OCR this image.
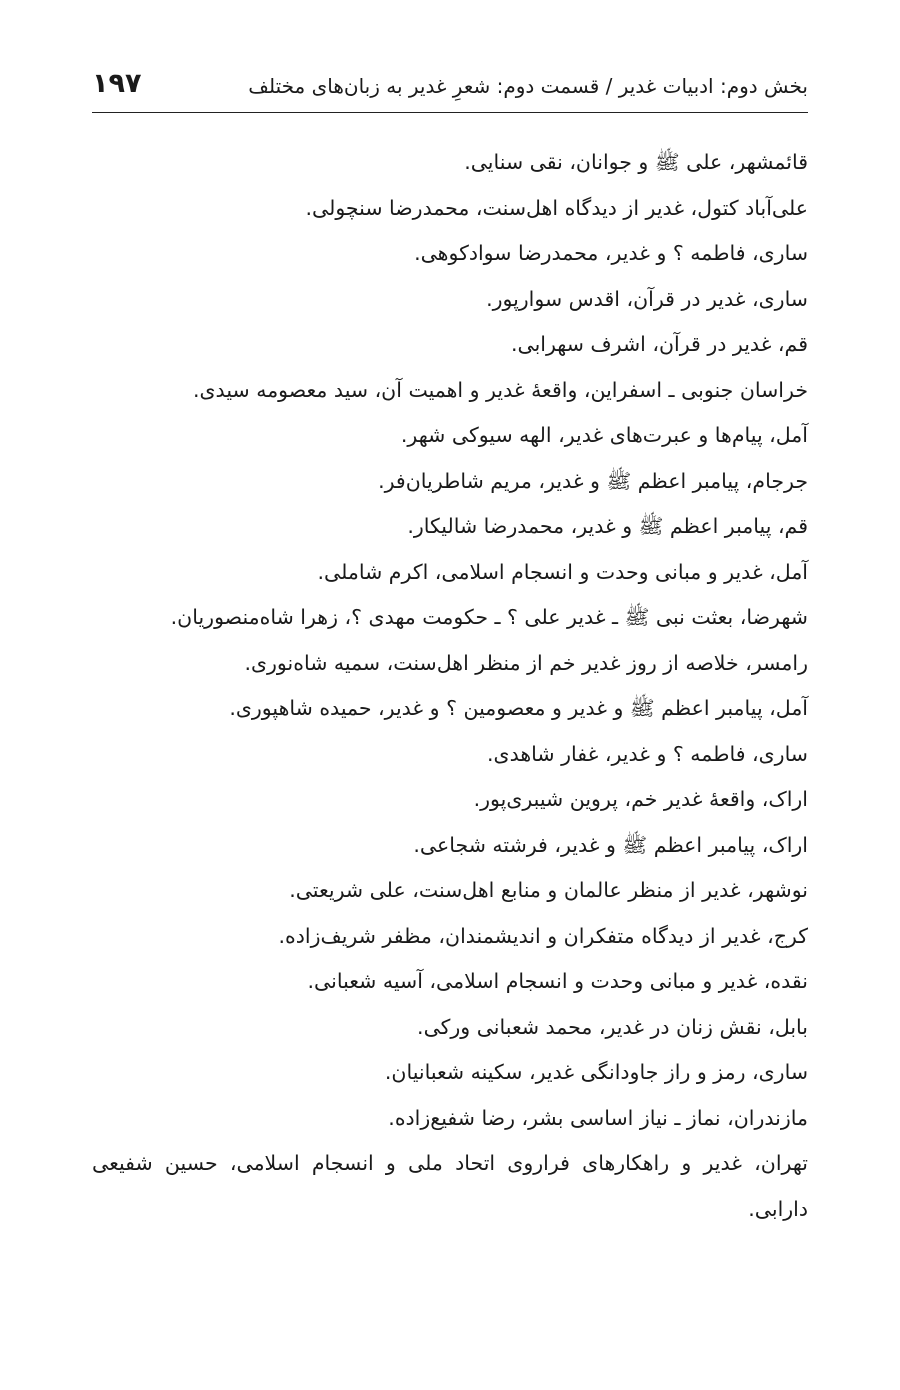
بخش دوم: ادبیات غدیر / قسمت دوم: شعرِ غدیر به زبان‌های مختلف
۱۹۷
قائمشهر، علی ﷺ و جوانان، نقی سنایی.
علی‌آباد کتول، غدیر از دیدگاه اهل‌سنت، محمدرضا سنچولی.
ساری، فاطمه ؟ و غدیر، محمدرضا سوادکوهی.
ساری، غدیر در قرآن، اقدس سوارپور.
قم، غدیر در قرآن، اشرف سهرابی.
خراسان جنوبی ـ اسفراین، واقعهٔ غدیر و اهمیت آن، سید معصومه سیدی.
آمل، پیام‌ها و عبرت‌های غدیر، الهه سیوکی شهر.
جرجام، پیامبر اعظم ﷺ و غدیر، مریم شاطریان‌فر.
قم، پیامبر اعظم ﷺ و غدیر، محمدرضا شالیکار.
آمل، غدیر و مبانی وحدت و انسجام اسلامی، اکرم شاملی.
شهرضا، بعثت نبی ﷺ ـ غدیر علی ؟ ـ حکومت مهدی ؟، زهرا شاه‌منصوریان.
رامسر، خلاصه از روز غدیر خم از منظر اهل‌سنت، سمیه شاه‌نوری.
آمل، پیامبر اعظم ﷺ و غدیر و معصومین ؟ و غدیر، حمیده شاهپوری.
ساری، فاطمه ؟ و غدیر، غفار شاهدی.
اراک، واقعهٔ غدیر خم، پروین شیبری‌پور.
اراک، پیامبر اعظم ﷺ و غدیر، فرشته شجاعی.
نوشهر، غدیر از منظر عالمان و منابع اهل‌سنت، علی شریعتی.
کرج، غدیر از دیدگاه متفکران و اندیشمندان، مظفر شریف‌زاده.
نقده، غدیر و مبانی وحدت و انسجام اسلامی، آسیه شعبانی.
بابل، نقش زنان در غدیر، محمد شعبانی ورکی.
ساری، رمز و راز جاودانگی غدیر، سکینه شعبانیان.
مازندران، نماز ـ نیاز اساسی بشر، رضا شفیع‌زاده.
تهران، غدیر و راهکارهای فراروی اتحاد ملی و انسجام اسلامی، حسین شفیعی دارابی.
